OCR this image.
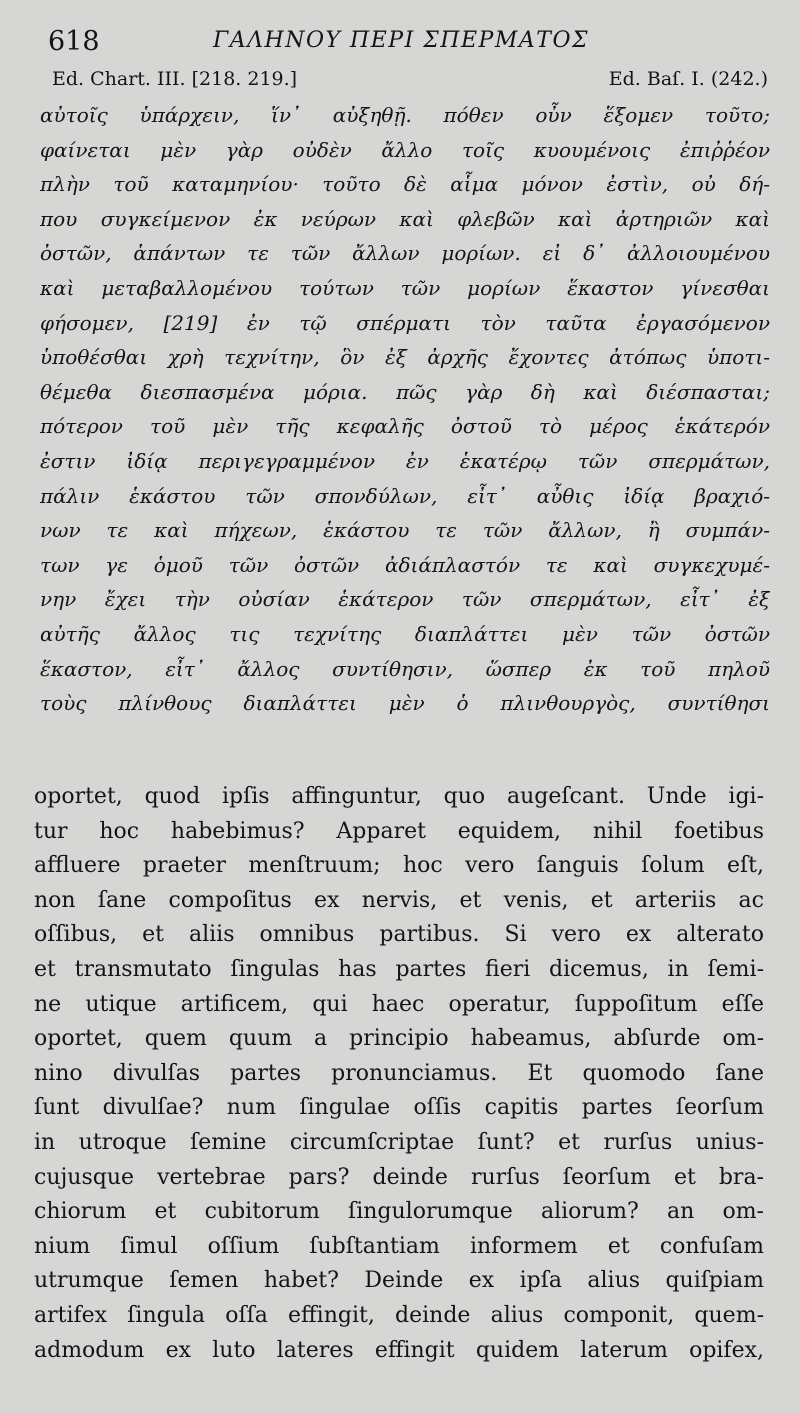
618	ΓΑΛΗΝΟΥ ΠΕΡΙ ΣΠΕΡΜΑΤΟΣ
Ed. Chart. III. [218. 219.]	Ed. Baſ. I. (242.)
αὐτοῖς ὑπάρχειν, ἵν᾽ αὐξηθῇ. πόθεν οὖν ἕξομεν τοῦτο;
φαίνεται μὲν γὰρ οὐδὲν ἄλλο τοῖς κυουμένοις ἐπιῤῥέον
πλὴν τοῦ καταμηνίου· τοῦτο δὲ αἷμα μόνον ἐστὶν, οὐ δή-
που συγκείμενον ἐκ νεύρων καὶ φλεβῶν καὶ ἀρτηριῶν καὶ
ὀστῶν, ἁπάντων τε τῶν ἄλλων μορίων. εἰ δ᾽ ἀλλοιουμένου
καὶ μεταβαλλομένου τούτων τῶν μορίων ἕκαστον γίνεσθαι
φήσομεν, [219] ἐν τῷ σπέρματι τὸν ταῦτα ἐργασόμενον
ὑποθέσθαι χρὴ τεχνίτην, ὃν ἐξ ἀρχῆς ἔχοντες ἀτόπως ὑποτι-
θέμεθα διεσπασμένα μόρια. πῶς γὰρ δὴ καὶ διέσπασται;
πότερον τοῦ μὲν τῆς κεφαλῆς ὀστοῦ τὸ μέρος ἑκάτερόν
ἐστιν ἰδίᾳ περιγεγραμμένον ἐν ἑκατέρῳ τῶν σπερμάτων,
πάλιν ἑκάστου τῶν σπονδύλων, εἶτ᾽ αὖθις ἰδίᾳ βραχιό-
νων τε καὶ πήχεων, ἑκάστου τε τῶν ἄλλων, ἢ συμπάν-
των γε ὁμοῦ τῶν ὀστῶν ἀδιάπλαστόν τε καὶ συγκεχυμέ-
νην ἔχει τὴν οὐσίαν ἑκάτερον τῶν σπερμάτων, εἶτ᾽ ἐξ
αὐτῆς ἄλλος τις τεχνίτης διαπλάττει μὲν τῶν ὀστῶν
ἕκαστον, εἶτ᾽ ἄλλος συντίθησιν, ὥσπερ ἐκ τοῦ πηλοῦ
τοὺς πλίνθους διαπλάττει μὲν ὁ πλινθουργὸς, συντίθησι
oportet, quod ipſis affinguntur, quo augeſcant. Unde igi-
tur hoc habebimus? Apparet equidem, nihil foetibus
affluere praeter menſtruum; hoc vero ſanguis ſolum eſt,
non ſane compoſitus ex nervis, et venis, et arteriis ac
oſſibus, et aliis omnibus partibus. Si vero ex alterato
et transmutato ſingulas has partes fieri dicemus, in ſemi-
ne utique artificem, qui haec operatur, ſuppoſitum eſſe
oportet, quem quum a principio habeamus, abſurde om-
nino divulſas partes pronunciamus. Et quomodo ſane
ſunt divulſae? num ſingulae oſſis capitis partes ſeorſum
in utroque ſemine circumſcriptae ſunt? et rurſus unius-
cujusque vertebrae pars? deinde rurſus ſeorſum et bra-
chiorum et cubitorum ſingulorumque aliorum? an om-
nium ſimul oſſium ſubſtantiam informem et confuſam
utrumque ſemen habet? Deinde ex ipſa alius quiſpiam
artifex ſingula oſſa effingit, deinde alius componit, quem-
admodum ex luto lateres effingit quidem laterum opifex,
